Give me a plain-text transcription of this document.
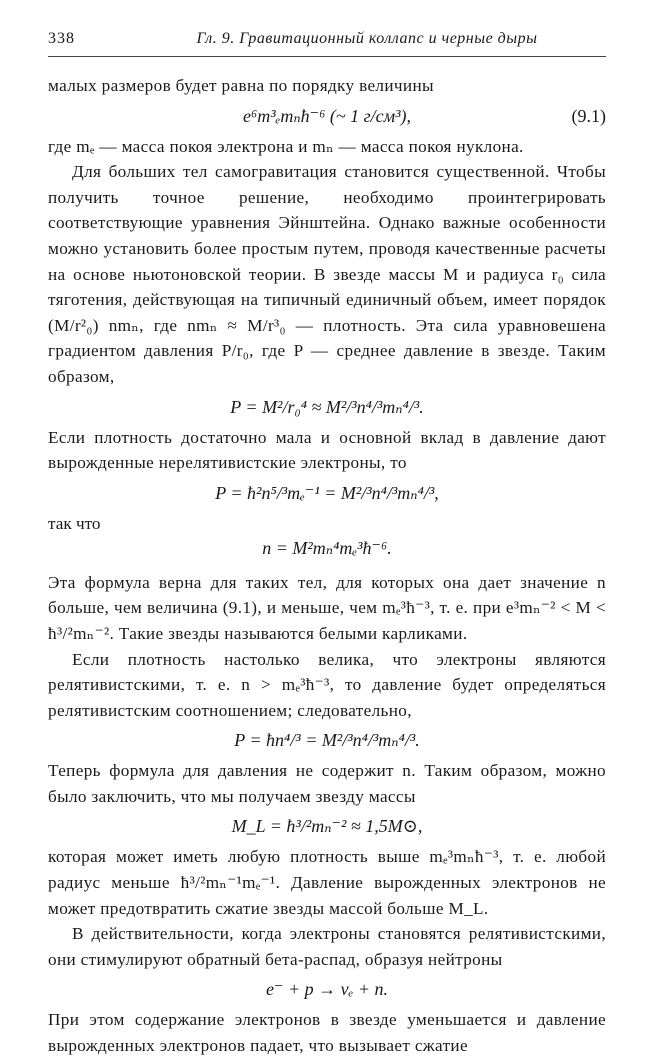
338	Гл. 9. Гравитационный коллапс и черные дыры

малых размеров будет равна по порядку величины

e⁶m³ₑmₙħ⁻⁶ (~ 1 г/см³),	(9.1)

где mₑ — масса покоя электрона и mₙ — масса покоя нуклона.

Для больших тел самогравитация становится существенной. Чтобы получить точное решение, необходимо проинтегрировать соответствующие уравнения Эйнштейна. Однако важные особенности можно установить более простым путем, проводя качественные расчеты на основе ньютоновской теории. В звезде массы M и радиуса r₀ сила тяготения, действующая на типичный единичный объем, имеет порядок (M/r²₀) nmₙ, где nmₙ ≈ M/r³₀ — плотность. Эта сила уравновешена градиентом давления P/r₀, где P — среднее давление в звезде. Таким образом,

P = M²/r₀⁴ ≈ M²/³n⁴/³mₙ⁴/³.

Если плотность достаточно мала и основной вклад в давление дают вырожденные нерелятивистские электроны, то

P = ħ²n⁵/³mₑ⁻¹ = M²/³n⁴/³mₙ⁴/³,

так что

n = M²mₙ⁴mₑ³ħ⁻⁶.

Эта формула верна для таких тел, для которых она дает значение n больше, чем величина (9.1), и меньше, чем mₑ³ħ⁻³, т. е. при e³mₙ⁻² < M < ħ³/²mₙ⁻². Такие звезды называются белыми карликами.

Если плотность настолько велика, что электроны являются релятивистскими, т. е. n > mₑ³ħ⁻³, то давление будет определяться релятивистским соотношением; следовательно,

P = ħn⁴/³ = M²/³n⁴/³mₙ⁴/³.

Теперь формула для давления не содержит n. Таким образом, можно было заключить, что мы получаем звезду массы

M_L = ħ³/²mₙ⁻² ≈ 1,5M⊙,

которая может иметь любую плотность выше mₑ³mₙħ⁻³, т. е. любой радиус меньше ħ³/²mₙ⁻¹mₑ⁻¹. Давление вырожденных электронов не может предотвратить сжатие звезды массой больше M_L.

В действительности, когда электроны становятся релятивистскими, они стимулируют обратный бета-распад, образуя нейтроны

e⁻ + p → νₑ + n.

При этом содержание электронов в звезде уменьшается и давление вырожденных электронов падает, что вызывает сжатие
